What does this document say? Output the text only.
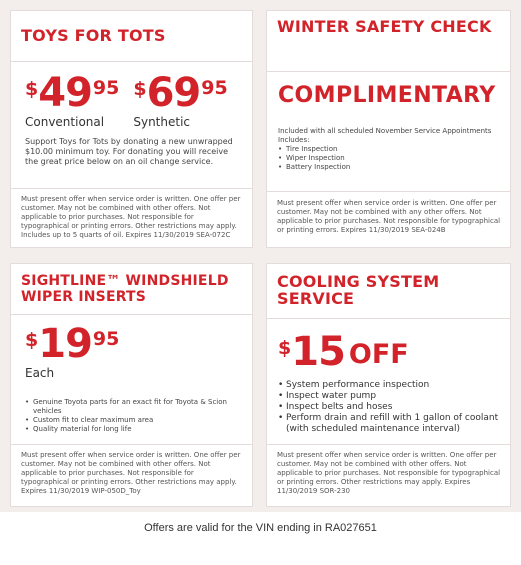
TOYS FOR TOTS
$ 49 95
Conventional
$ 69 95
Synthetic
Support Toys for Tots by donating a new unwrapped $10.00 minimum toy. For donating you will receive the great price below on an oil change service.
Must present offer when service order is written. One offer per customer. May not be combined with other offers. Not applicable to prior purchases. Not responsible for typographical or printing errors. Other restrictions may apply. Includes up to 5 quarts of oil. Expires 11/30/2019 SEA-072C
WINTER SAFETY CHECK
COMPLIMENTARY
Included with all scheduled November Service Appointments
Includes:
• Tire Inspection
• Wiper Inspection
• Battery Inspection
Must present offer when service order is written. One offer per customer. May not be combined with any other offers. Not applicable to prior purchases. Not responsible for typographical or printing errors. Expires 11/30/2019 SEA-024B
SIGHTLINE™ WINDSHIELD WIPER INSERTS
$ 19 95
Each
• Genuine Toyota parts for an exact fit for Toyota & Scion vehicles
• Custom fit to clear maximum area
• Quality material for long life
Must present offer when service order is written. One offer per customer. May not be combined with other offers. Not applicable to prior purchases. Not responsible for typographical or printing errors. Other restrictions may apply. Expires 11/30/2019 WIP-050D_Toy
COOLING SYSTEM SERVICE
$ 15 OFF
• System performance inspection
• Inspect water pump
• Inspect belts and hoses
• Perform drain and refill with 1 gallon of coolant (with scheduled maintenance interval)
Must present offer when service order is written. One offer per customer. May not be combined with other offers. Not applicable to prior purchases. Not responsible for typographical or printing errors. Other restrictions may apply. Expires 11/30/2019 SOR-230
Offers are valid for the VIN ending in RA027651
